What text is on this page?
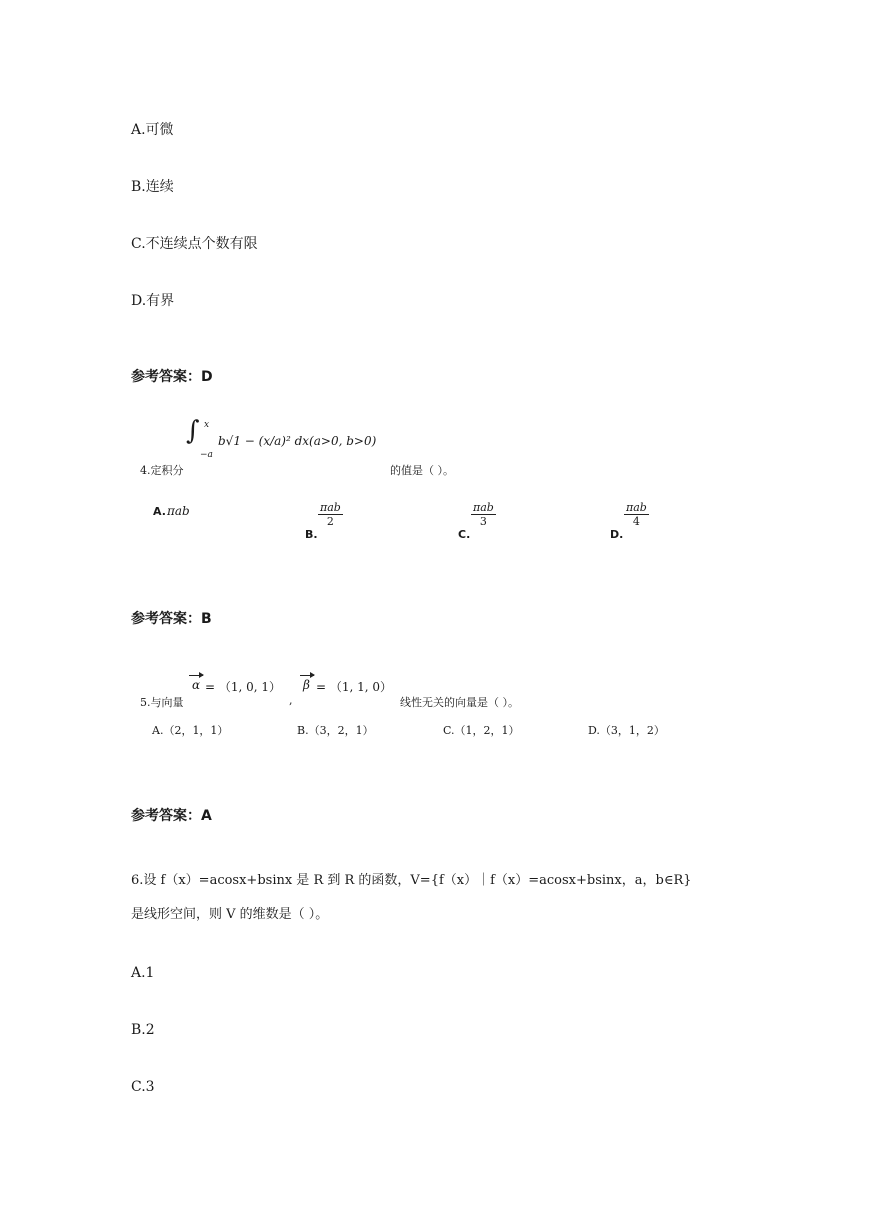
A.可微
B.连续
C.不连续点个数有限
D.有界
参考答案：D
4.定积分
∫ x
−a
b√1 − (x/a)² dx(a>0, b>0)
的值是（ ）。
A. πab
B.
πab
2
C.
πab
3
D.
πab
4
参考答案：B
5.与向量
α = （1, 0, 1）
,
β = （1, 1, 0）
线性无关的向量是（ ）。
A.（2，1，1）	B.（3，2，1）	C.（1，2，1）	D.（3，1，2）
参考答案：A
6.设 f（x）=acosx+bsinx 是 R 到 R 的函数，V={f（x）｜f（x）=acosx+bsinx，a，b∈R}
是线形空间，则 V 的维数是（ ）。
A.1
B.2
C.3
